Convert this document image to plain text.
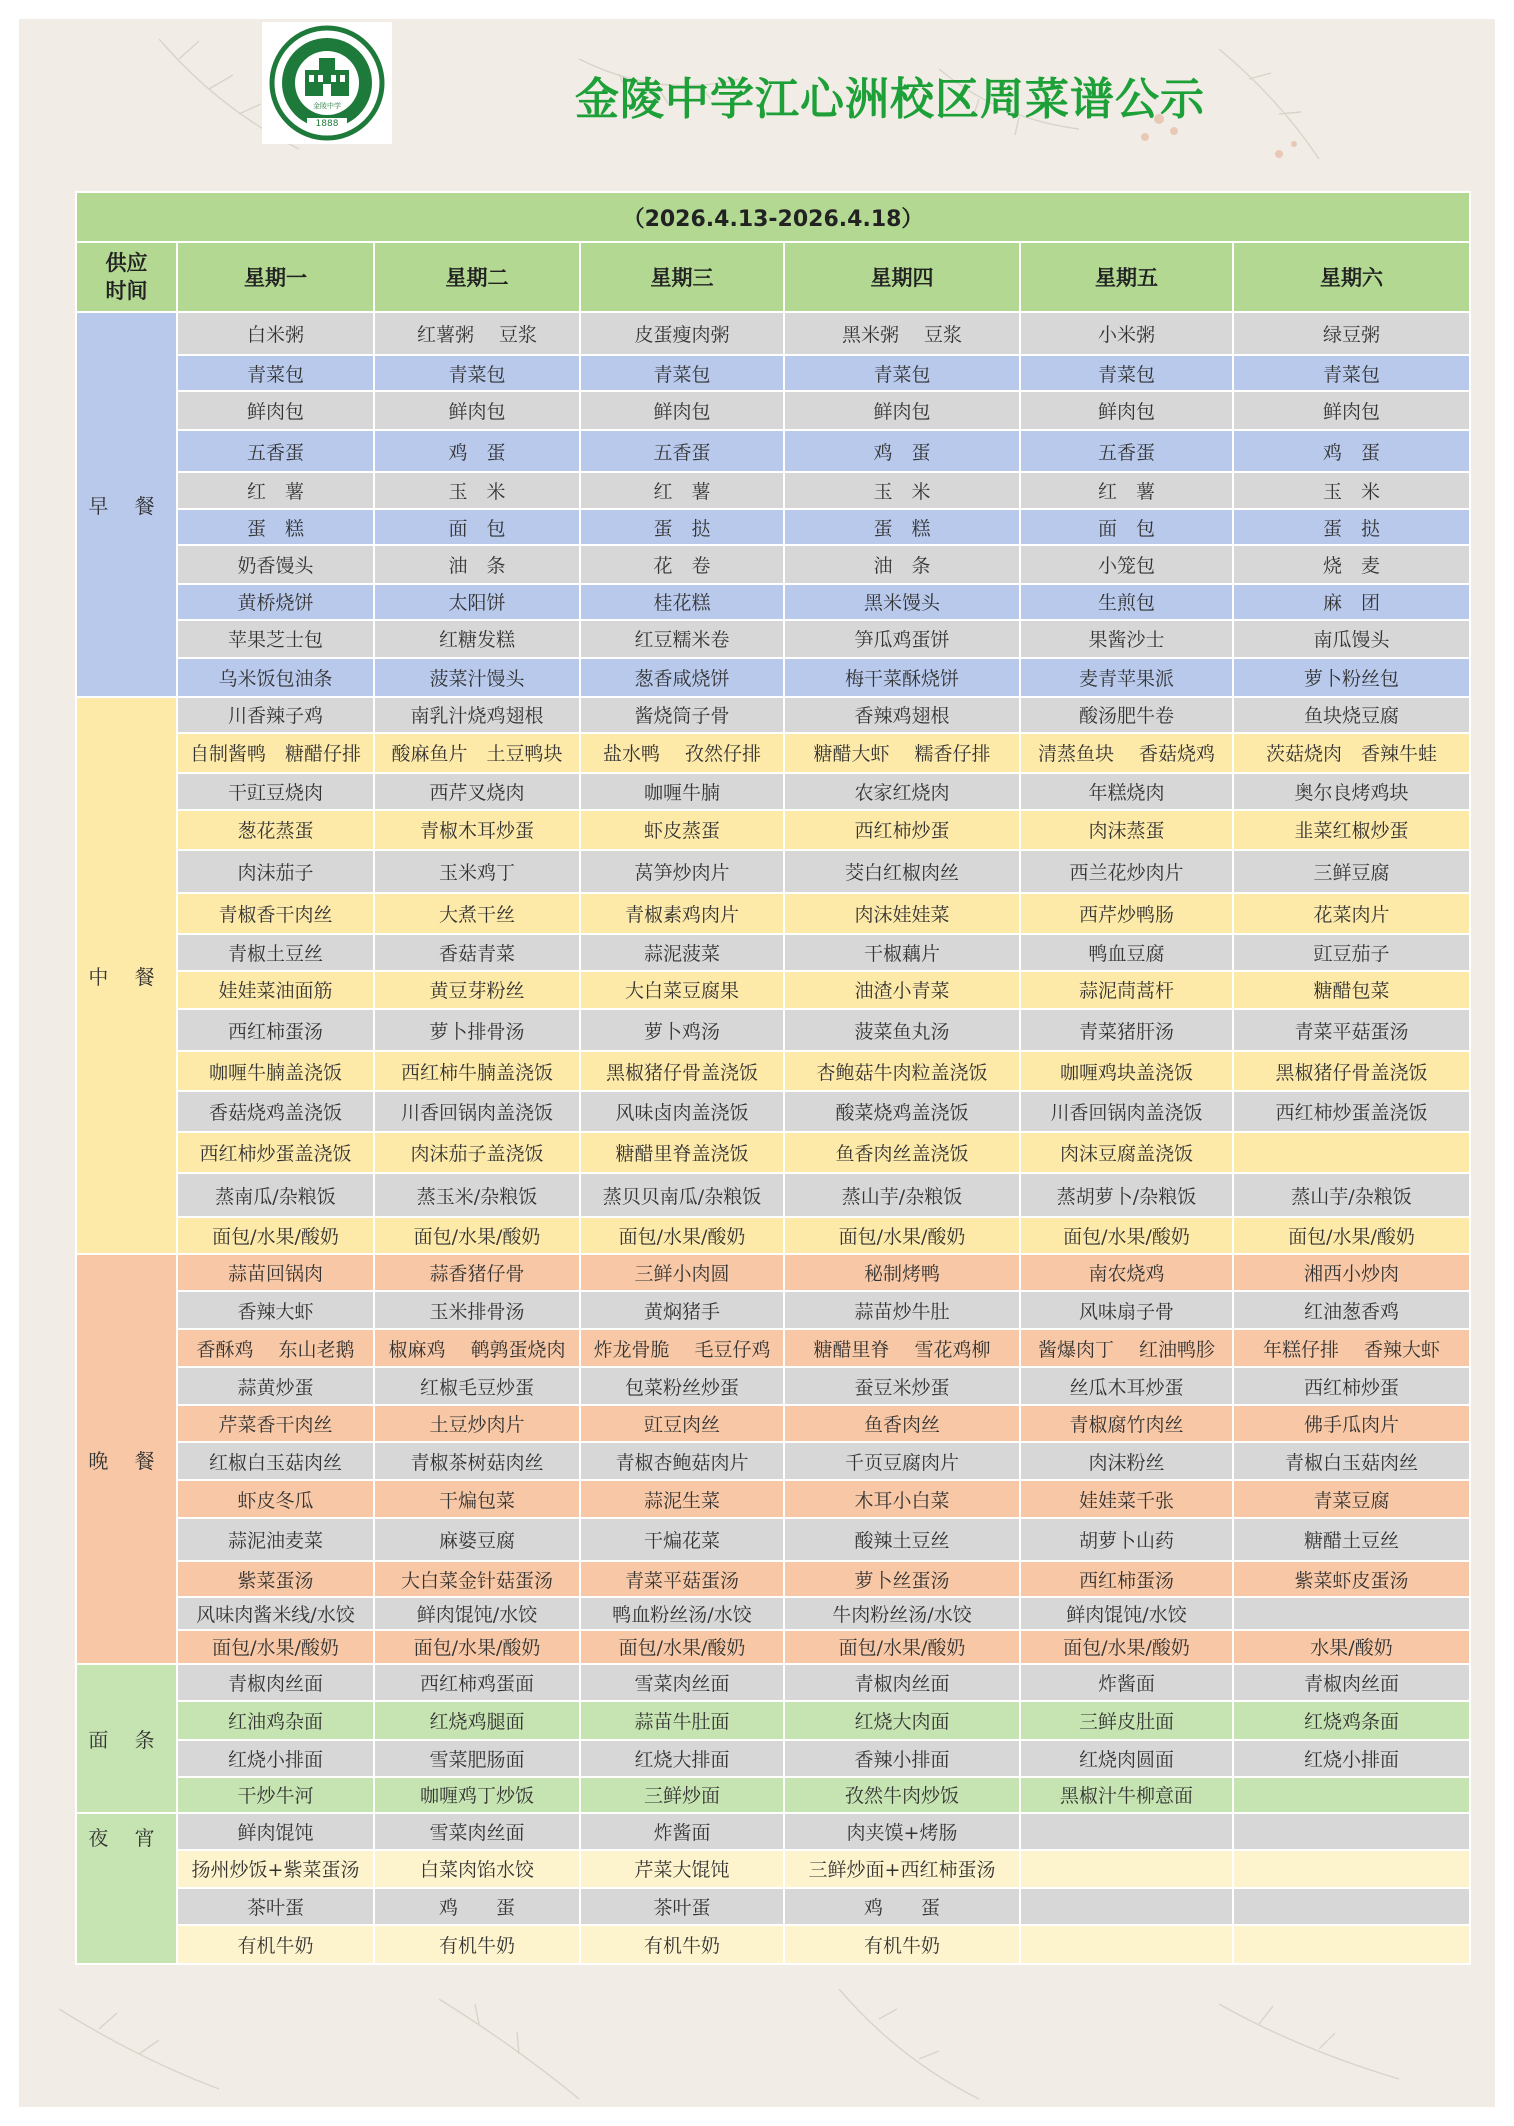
金陵中学
1888	金陵中学江心洲校区周菜谱公示
（2026.4.13-2026.4.18）						
供应时间	星期一	星期二	星期三	星期四	星期五	星期六
早 餐	白米粥	红薯粥　 豆浆	皮蛋瘦肉粥	黑米粥　 豆浆	小米粥	绿豆粥
	青菜包	青菜包	青菜包	青菜包	青菜包	青菜包
	鲜肉包	鲜肉包	鲜肉包	鲜肉包	鲜肉包	鲜肉包
	五香蛋	鸡　蛋	五香蛋	鸡　蛋	五香蛋	鸡　蛋
	红　薯	玉　米	红　薯	玉　米	红　薯	玉　米
	蛋　糕	面　包	蛋　挞	蛋　糕	面　包	蛋　挞
	奶香馒头	油　条	花　卷	油　条	小笼包	烧　麦
	黄桥烧饼	太阳饼	桂花糕	黑米馒头	生煎包	麻　团
	苹果芝士包	红糖发糕	红豆糯米卷	笋瓜鸡蛋饼	果酱沙士	南瓜馒头
	乌米饭包油条	菠菜汁馒头	葱香咸烧饼	梅干菜酥烧饼	麦青苹果派	萝卜粉丝包
中 餐	川香辣子鸡	南乳汁烧鸡翅根	酱烧筒子骨	香辣鸡翅根	酸汤肥牛卷	鱼块烧豆腐
	自制酱鸭　糖醋仔排	酸麻鱼片　土豆鸭块	盐水鸭　 孜然仔排	糖醋大虾　 糯香仔排	清蒸鱼块　 香菇烧鸡	茨菇烧肉　香辣牛蛙
	干豇豆烧肉	西芹叉烧肉	咖喱牛腩	农家红烧肉	年糕烧肉	奥尔良烤鸡块
	葱花蒸蛋	青椒木耳炒蛋	虾皮蒸蛋	西红柿炒蛋	肉沫蒸蛋	韭菜红椒炒蛋
	肉沫茄子	玉米鸡丁	莴笋炒肉片	茭白红椒肉丝	西兰花炒肉片	三鲜豆腐
	青椒香干肉丝	大煮干丝	青椒素鸡肉片	肉沫娃娃菜	西芹炒鸭肠	花菜肉片
	青椒土豆丝	香菇青菜	蒜泥菠菜	干椒藕片	鸭血豆腐	豇豆茄子
	娃娃菜油面筋	黄豆芽粉丝	大白菜豆腐果	油渣小青菜	蒜泥茼蒿杆	糖醋包菜
	西红柿蛋汤	萝卜排骨汤	萝卜鸡汤	菠菜鱼丸汤	青菜猪肝汤	青菜平菇蛋汤
	咖喱牛腩盖浇饭	西红柿牛腩盖浇饭	黑椒猪仔骨盖浇饭	杏鲍菇牛肉粒盖浇饭	咖喱鸡块盖浇饭	黑椒猪仔骨盖浇饭
	香菇烧鸡盖浇饭	川香回锅肉盖浇饭	风味卤肉盖浇饭	酸菜烧鸡盖浇饭	川香回锅肉盖浇饭	西红柿炒蛋盖浇饭
	西红柿炒蛋盖浇饭	肉沫茄子盖浇饭	糖醋里脊盖浇饭	鱼香肉丝盖浇饭	肉沫豆腐盖浇饭	
	蒸南瓜/杂粮饭	蒸玉米/杂粮饭	蒸贝贝南瓜/杂粮饭	蒸山芋/杂粮饭	蒸胡萝卜/杂粮饭	蒸山芋/杂粮饭
	面包/水果/酸奶	面包/水果/酸奶	面包/水果/酸奶	面包/水果/酸奶	面包/水果/酸奶	面包/水果/酸奶
晚 餐	蒜苗回锅肉	蒜香猪仔骨	三鲜小肉圆	秘制烤鸭	南农烧鸡	湘西小炒肉
	香辣大虾	玉米排骨汤	黄焖猪手	蒜苗炒牛肚	风味扇子骨	红油葱香鸡
	香酥鸡　 东山老鹅	椒麻鸡　 鹌鹑蛋烧肉	炸龙骨脆　 毛豆仔鸡	糖醋里脊　 雪花鸡柳	酱爆肉丁　 红油鸭胗	年糕仔排　 香辣大虾
	蒜黄炒蛋	红椒毛豆炒蛋	包菜粉丝炒蛋	蚕豆米炒蛋	丝瓜木耳炒蛋	西红柿炒蛋
	芹菜香干肉丝	土豆炒肉片	豇豆肉丝	鱼香肉丝	青椒腐竹肉丝	佛手瓜肉片
	红椒白玉菇肉丝	青椒茶树菇肉丝	青椒杏鲍菇肉片	千页豆腐肉片	肉沫粉丝	青椒白玉菇肉丝
	虾皮冬瓜	干煸包菜	蒜泥生菜	木耳小白菜	娃娃菜千张	青菜豆腐
	蒜泥油麦菜	麻婆豆腐	干煸花菜	酸辣土豆丝	胡萝卜山药	糖醋土豆丝
	紫菜蛋汤	大白菜金针菇蛋汤	青菜平菇蛋汤	萝卜丝蛋汤	西红柿蛋汤	紫菜虾皮蛋汤
	风味肉酱米线/水饺	鲜肉馄饨/水饺	鸭血粉丝汤/水饺	牛肉粉丝汤/水饺	鲜肉馄饨/水饺	
	面包/水果/酸奶	面包/水果/酸奶	面包/水果/酸奶	面包/水果/酸奶	面包/水果/酸奶	水果/酸奶
面 条	青椒肉丝面	西红柿鸡蛋面	雪菜肉丝面	青椒肉丝面	炸酱面	青椒肉丝面
	红油鸡杂面	红烧鸡腿面	蒜苗牛肚面	红烧大肉面	三鲜皮肚面	红烧鸡条面
	红烧小排面	雪菜肥肠面	红烧大排面	香辣小排面	红烧肉圆面	红烧小排面
	干炒牛河	咖喱鸡丁炒饭	三鲜炒面	孜然牛肉炒饭	黑椒汁牛柳意面	
夜 宵	鲜肉馄饨	雪菜肉丝面	炸酱面	肉夹馍+烤肠		
	扬州炒饭+紫菜蛋汤	白菜肉馅水饺	芹菜大馄饨	三鲜炒面+西红柿蛋汤		
	茶叶蛋	鸡　　蛋	茶叶蛋	鸡　　蛋		
	有机牛奶	有机牛奶	有机牛奶	有机牛奶		
